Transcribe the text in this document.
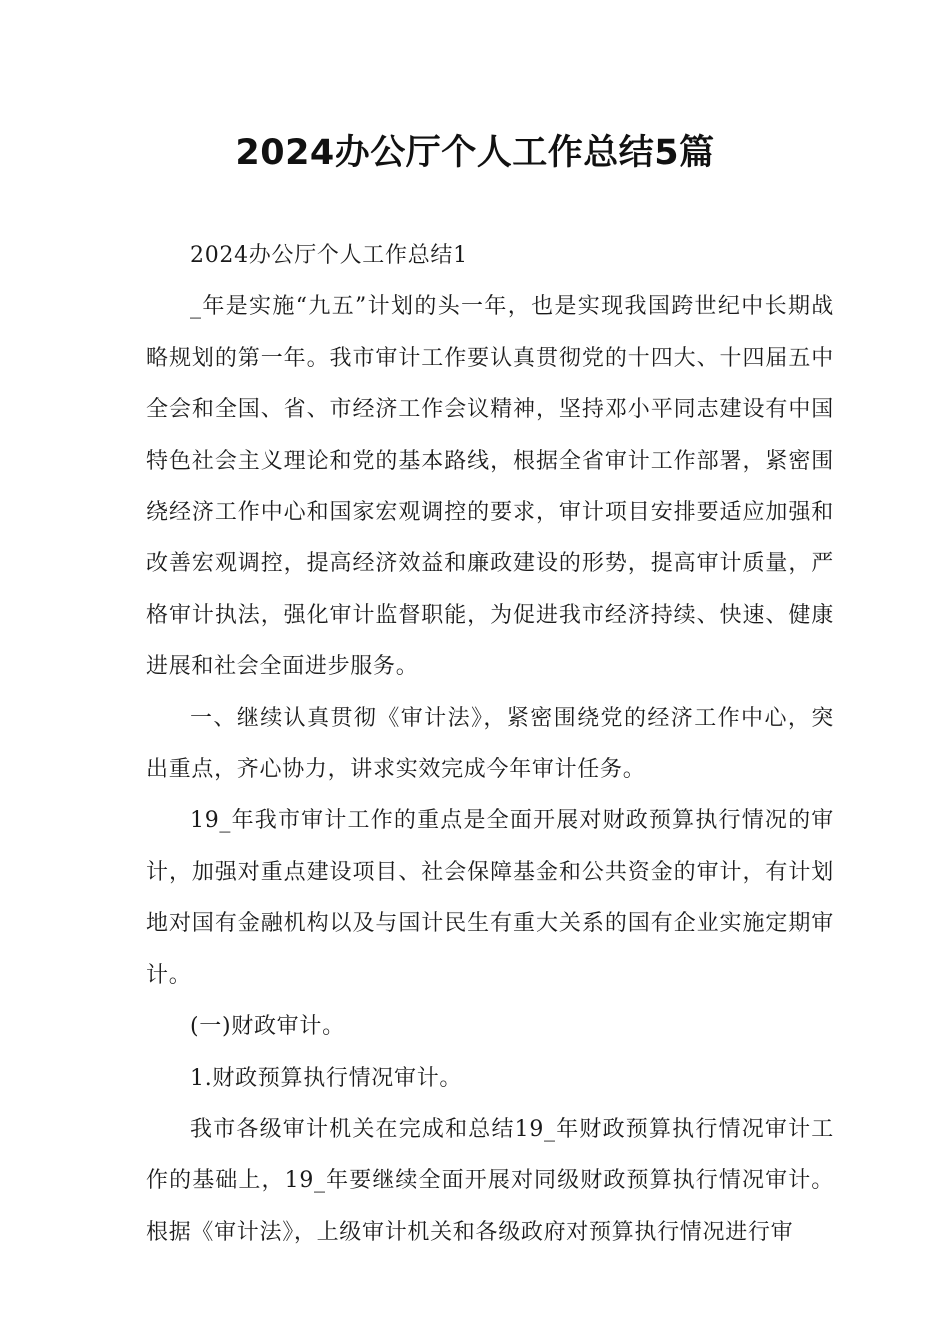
2024办公厅个人工作总结5篇

2024办公厅个人工作总结1

_年是实施“九五”计划的头一年，也是实现我国跨世纪中长期战略规划的第一年。我市审计工作要认真贯彻党的十四大、十四届五中全会和全国、省、市经济工作会议精神，坚持邓小平同志建设有中国特色社会主义理论和党的基本路线，根据全省审计工作部署，紧密围绕经济工作中心和国家宏观调控的要求，审计项目安排要适应加强和改善宏观调控，提高经济效益和廉政建设的形势，提高审计质量，严格审计执法，强化审计监督职能，为促进我市经济持续、快速、健康进展和社会全面进步服务。

一、继续认真贯彻《审计法》，紧密围绕党的经济工作中心，突出重点，齐心协力，讲求实效完成今年审计任务。

19_年我市审计工作的重点是全面开展对财政预算执行情况的审计，加强对重点建设项目、社会保障基金和公共资金的审计，有计划地对国有金融机构以及与国计民生有重大关系的国有企业实施定期审计。

(一)财政审计。

1.财政预算执行情况审计。

我市各级审计机关在完成和总结19_年财政预算执行情况审计工作的基础上，19_年要继续全面开展对同级财政预算执行情况审计。根据《审计法》，上级审计机关和各级政府对预算执行情况进行审
